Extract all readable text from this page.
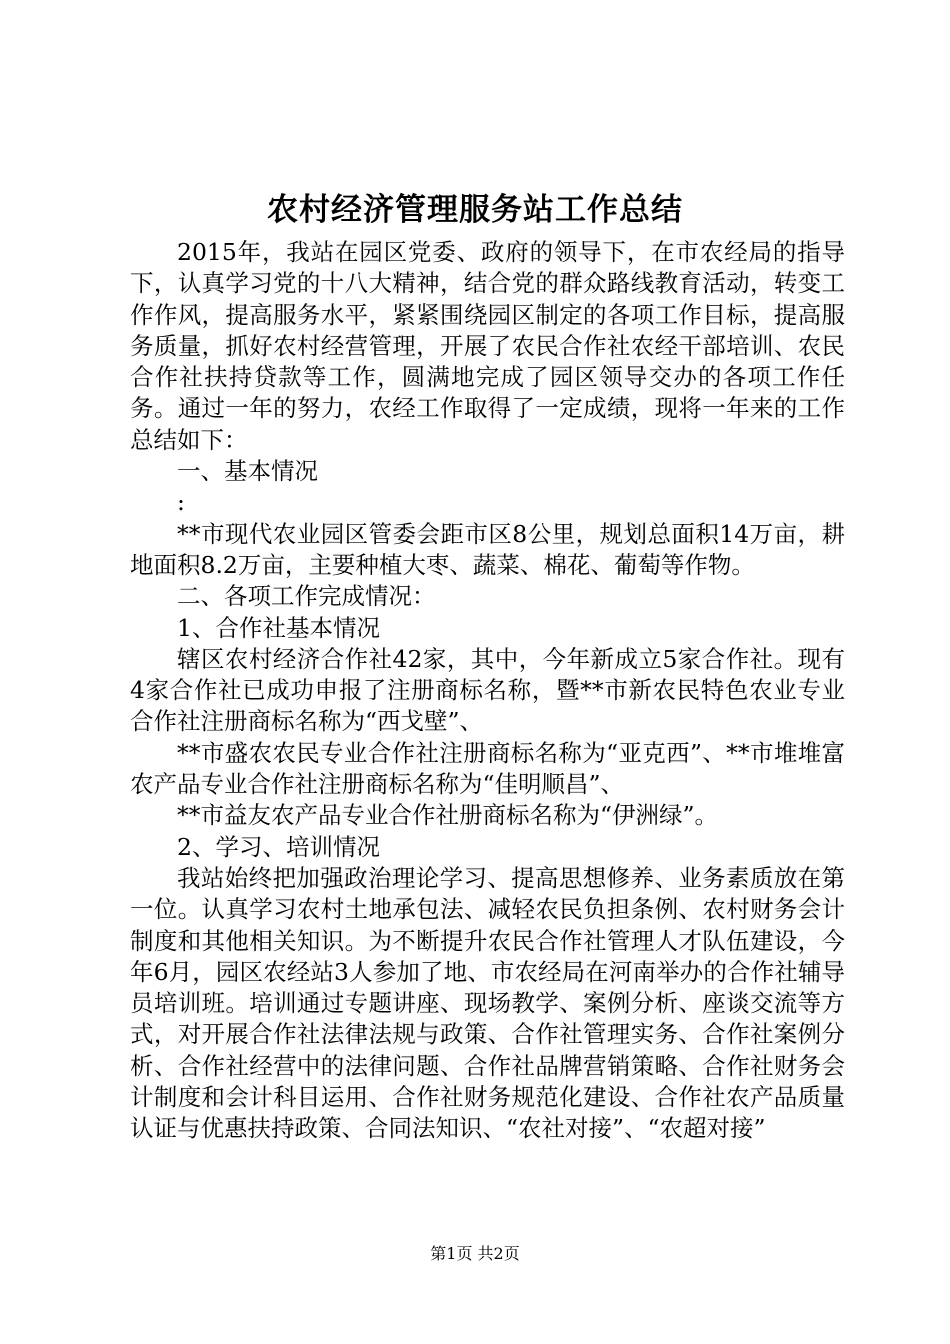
农村经济管理服务站工作总结

2015年，我站在园区党委、政府的领导下，在市农经局的指导下，认真学习党的十八大精神，结合党的群众路线教育活动，转变工作作风，提高服务水平，紧紧围绕园区制定的各项工作目标，提高服务质量，抓好农村经营管理，开展了农民合作社农经干部培训、农民合作社扶持贷款等工作，圆满地完成了园区领导交办的各项工作任务。通过一年的努力，农经工作取得了一定成绩，现将一年来的工作总结如下：

一、基本情况

:

**市现代农业园区管委会距市区8公里，规划总面积14万亩，耕地面积8.2万亩，主要种植大枣、蔬菜、棉花、葡萄等作物。

二、各项工作完成情况：

1、合作社基本情况

辖区农村经济合作社42家，其中，今年新成立5家合作社。现有4家合作社已成功申报了注册商标名称，暨**市新农民特色农业专业合作社注册商标名称为“西戈壁”、

**市盛农农民专业合作社注册商标名称为“亚克西”、**市堆堆富农产品专业合作社注册商标名称为“佳明顺昌”、

**市益友农产品专业合作社册商标名称为“伊洲绿”。

2、学习、培训情况

我站始终把加强政治理论学习、提高思想修养、业务素质放在第一位。认真学习农村土地承包法、减轻农民负担条例、农村财务会计制度和其他相关知识。为不断提升农民合作社管理人才队伍建设，今年6月，园区农经站3人参加了地、市农经局在河南举办的合作社辅导员培训班。培训通过专题讲座、现场教学、案例分析、座谈交流等方式，对开展合作社法律法规与政策、合作社管理实务、合作社案例分析、合作社经营中的法律问题、合作社品牌营销策略、合作社财务会计制度和会计科目运用、合作社财务规范化建设、合作社农产品质量认证与优惠扶持政策、合同法知识、“农社对接”、“农超对接”

第1页 共2页
